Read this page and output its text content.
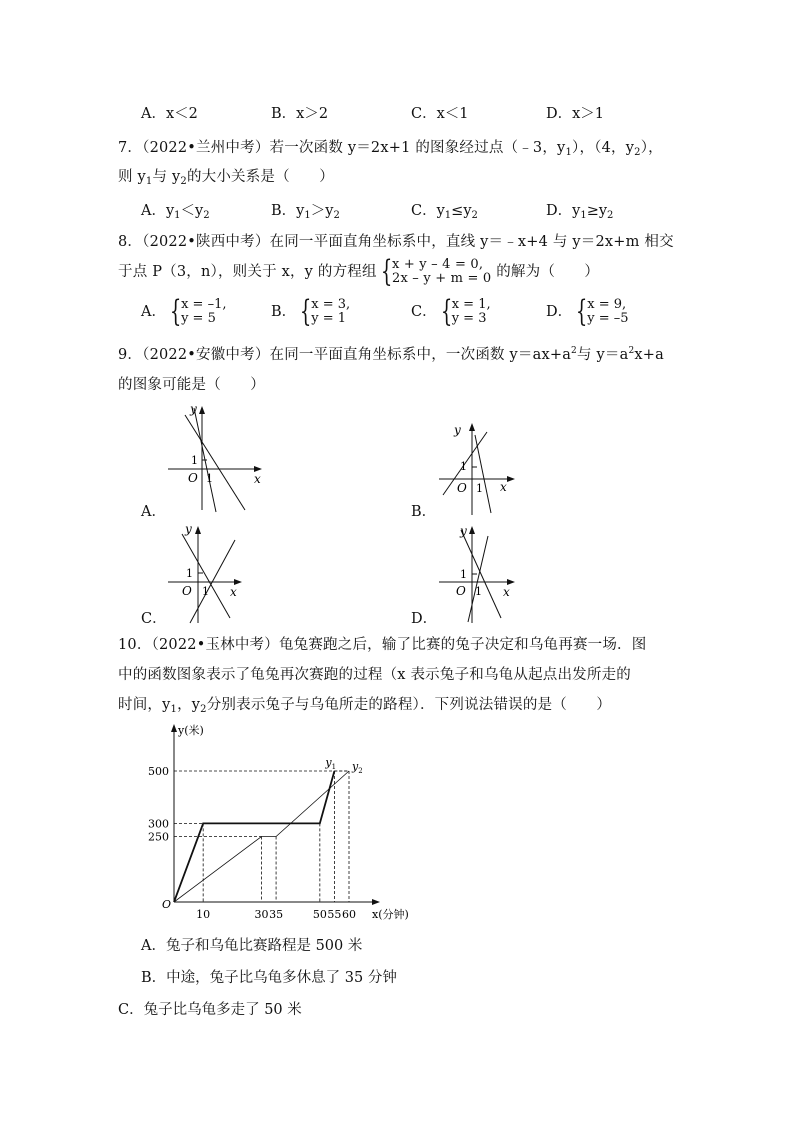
A．x＜2	B．x＞2	C．x＜1	D．x＞1
7．（2022•兰州中考）若一次函数 y＝2x+1 的图象经过点（﹣3，$y_1$），（4，$y_2$），
则 $y_1$与 $y_2$的大小关系是（　　）
A．$y_1<y_2$	B．$y_1>y_2$	C．$y_1\le y_2$	D．$y_1\ge y_2$
8．（2022•陕西中考）在同一平面直角坐标系中，直线 y＝﹣x+4 与 y＝2x+m 相交
于点 P（3，n），则关于 x，y 的方程组 { x + y – 4 = 0,
2x – y + m = 0 的解为（　　）
A． { x = –1,
y = 5	B． { x = 3,
y = 1	C． { x = 1,
y = 3	D． { x = 9,
y = –5
9．（2022•安徽中考）在同一平面直角坐标系中，一次函数 $y=ax+a^2$与 $y=a^2x+a$
的图象可能是（　　）
y
x
O
1
1
A．
y
x
O
1
1
B．
y
x
O
1
1
C．
y
x
O
1
1
D．
10．（2022•玉林中考）龟兔赛跑之后，输了比赛的兔子决定和乌龟再赛一场．图
中的函数图象表示了龟兔再次赛跑的过程（x 表示兔子和乌龟从起点出发所走的
时间，$y_1$，$y_2$分别表示兔子与乌龟所走的路程）．下列说法错误的是（　　）
10	30 35	50 55 60
250
300
500
O
y(米)
x(分钟)
$y_1$ $y_2$
A．兔子和乌龟比赛路程是 500 米
B．中途，兔子比乌龟多休息了 35 分钟
C．兔子比乌龟多走了 50 米
